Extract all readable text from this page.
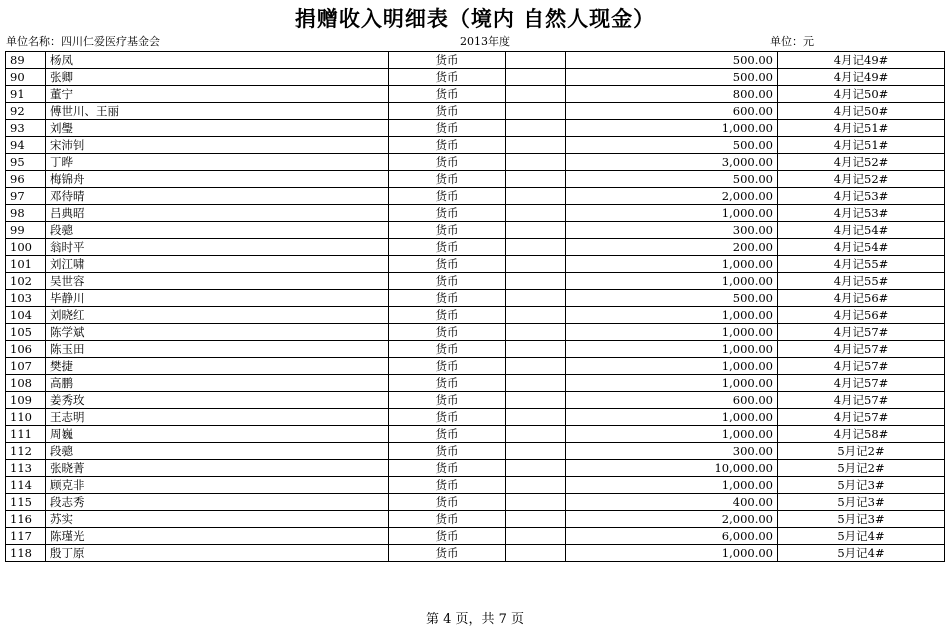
捐赠收入明细表（境内 自然人现金）
单位名称：四川仁爱医疗基金会	2013年度	单位：元
89	杨凤	货币		500.00	4月记49#
90	张卿	货币		500.00	4月记49#
91	董宁	货币		800.00	4月记50#
92	傅世川、王丽	货币		600.00	4月记50#
93	刘璺	货币		1,000.00	4月记51#
94	宋沛钊	货币		500.00	4月记51#
95	丁晔	货币		3,000.00	4月记52#
96	梅锦舟	货币		500.00	4月记52#
97	邓待晴	货币		2,000.00	4月记53#
98	吕典昭	货币		1,000.00	4月记53#
99	段骢	货币		300.00	4月记54#
100	翁时平	货币		200.00	4月记54#
101	刘江啸	货币		1,000.00	4月记55#
102	吴世容	货币		1,000.00	4月记55#
103	毕静川	货币		500.00	4月记56#
104	刘晓红	货币		1,000.00	4月记56#
105	陈学斌	货币		1,000.00	4月记57#
106	陈玉田	货币		1,000.00	4月记57#
107	樊捷	货币		1,000.00	4月记57#
108	高鹏	货币		1,000.00	4月记57#
109	姜秀玫	货币		600.00	4月记57#
110	王志明	货币		1,000.00	4月记57#
111	周巍	货币		1,000.00	4月记58#
112	段骢	货币		300.00	5月记2#
113	张晓菁	货币		10,000.00	5月记2#
114	顾克非	货币		1,000.00	5月记3#
115	段志秀	货币		400.00	5月记3#
116	苏实	货币		2,000.00	5月记3#
117	陈瑾光	货币		6,000.00	5月记4#
118	殷丁原	货币		1,000.00	5月记4#
第 4 页，共 7 页
